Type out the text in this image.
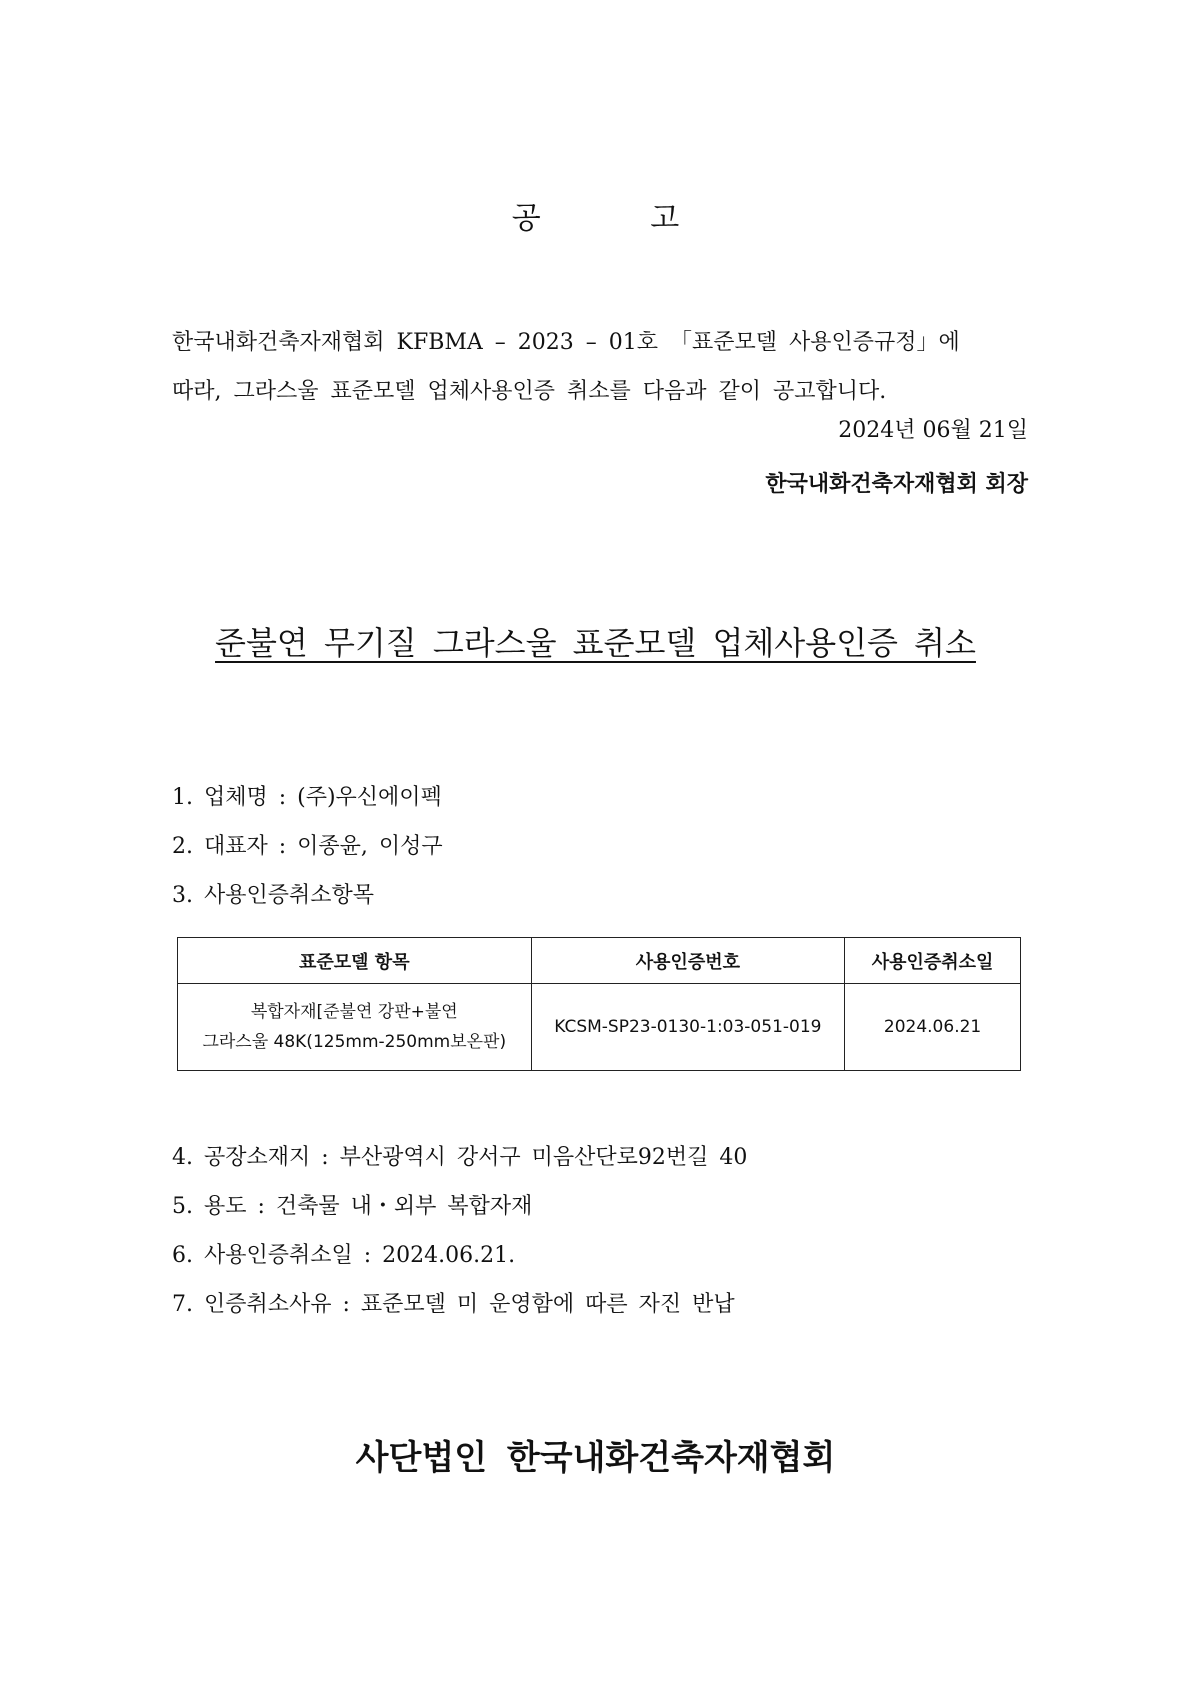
공 고
한국내화건축자재협회 KFBMA – 2023 – 01호 「표준모델 사용인증규정」에
따라, 그라스울 표준모델 업체사용인증 취소를 다음과 같이 공고합니다.
2024년 06월 21일
한국내화건축자재협회 회장
준불연 무기질 그라스울 표준모델 업체사용인증 취소
1. 업체명 : (주)우신에이펙
2. 대표자 : 이종윤, 이성구
3. 사용인증취소항목
표준모델 항목	사용인증번호	사용인증취소일

복합자재[준불연 강판+불연
그라스울 48K(125mm-250mm보온판)	KCSM-SP23-0130-1:03-051-019	2024.06.21
4. 공장소재지 : 부산광역시 강서구 미음산단로92번길 40
5. 용도 : 건축물 내・외부 복합자재
6. 사용인증취소일 : 2024.06.21.
7. 인증취소사유 : 표준모델 미 운영함에 따른 자진 반납
사단법인 한국내화건축자재협회
